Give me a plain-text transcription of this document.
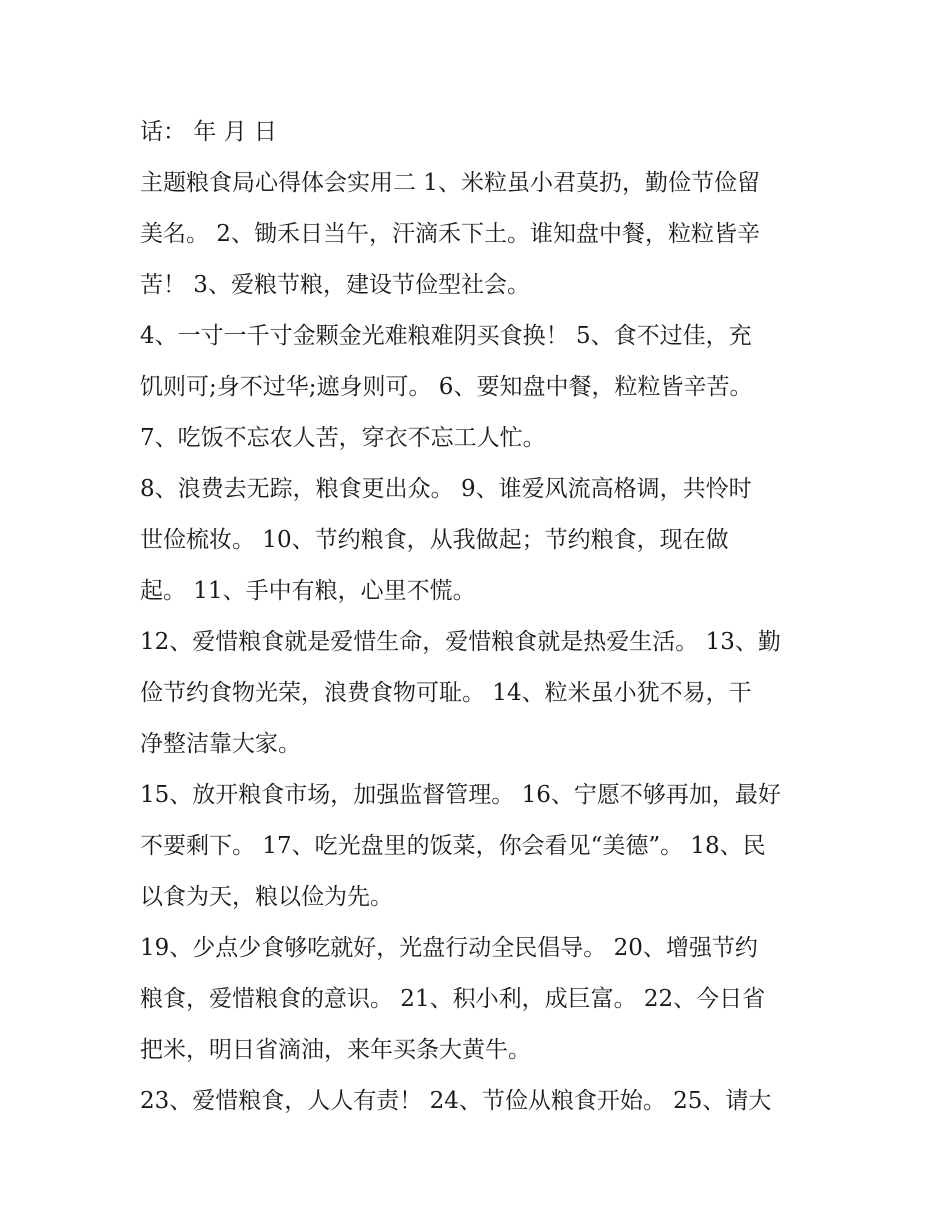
话： 年 月 日
主题粮食局心得体会实用二 1、米粒虽小君莫扔，勤俭节俭留
美名。 2、锄禾日当午，汗滴禾下土。谁知盘中餐，粒粒皆辛
苦！ 3、爱粮节粮，建设节俭型社会。
4、一寸一千寸金颗金光难粮难阴买食换！ 5、食不过佳，充
饥则可;身不过华;遮身则可。 6、要知盘中餐，粒粒皆辛苦。
7、吃饭不忘农人苦，穿衣不忘工人忙。
8、浪费去无踪，粮食更出众。 9、谁爱风流高格调，共怜时
世俭梳妆。 10、节约粮食，从我做起；节约粮食，现在做
起。 11、手中有粮，心里不慌。
12、爱惜粮食就是爱惜生命，爱惜粮食就是热爱生活。 13、勤
俭节约食物光荣，浪费食物可耻。 14、粒米虽小犹不易，干
净整洁靠大家。
15、放开粮食市场，加强监督管理。 16、宁愿不够再加，最好
不要剩下。 17、吃光盘里的饭菜，你会看见“美德”。 18、民
以食为天，粮以俭为先。
19、少点少食够吃就好，光盘行动全民倡导。 20、增强节约
粮食，爱惜粮食的意识。 21、积小利，成巨富。 22、今日省
把米，明日省滴油，来年买条大黄牛。
23、爱惜粮食，人人有责！ 24、节俭从粮食开始。 25、请大
